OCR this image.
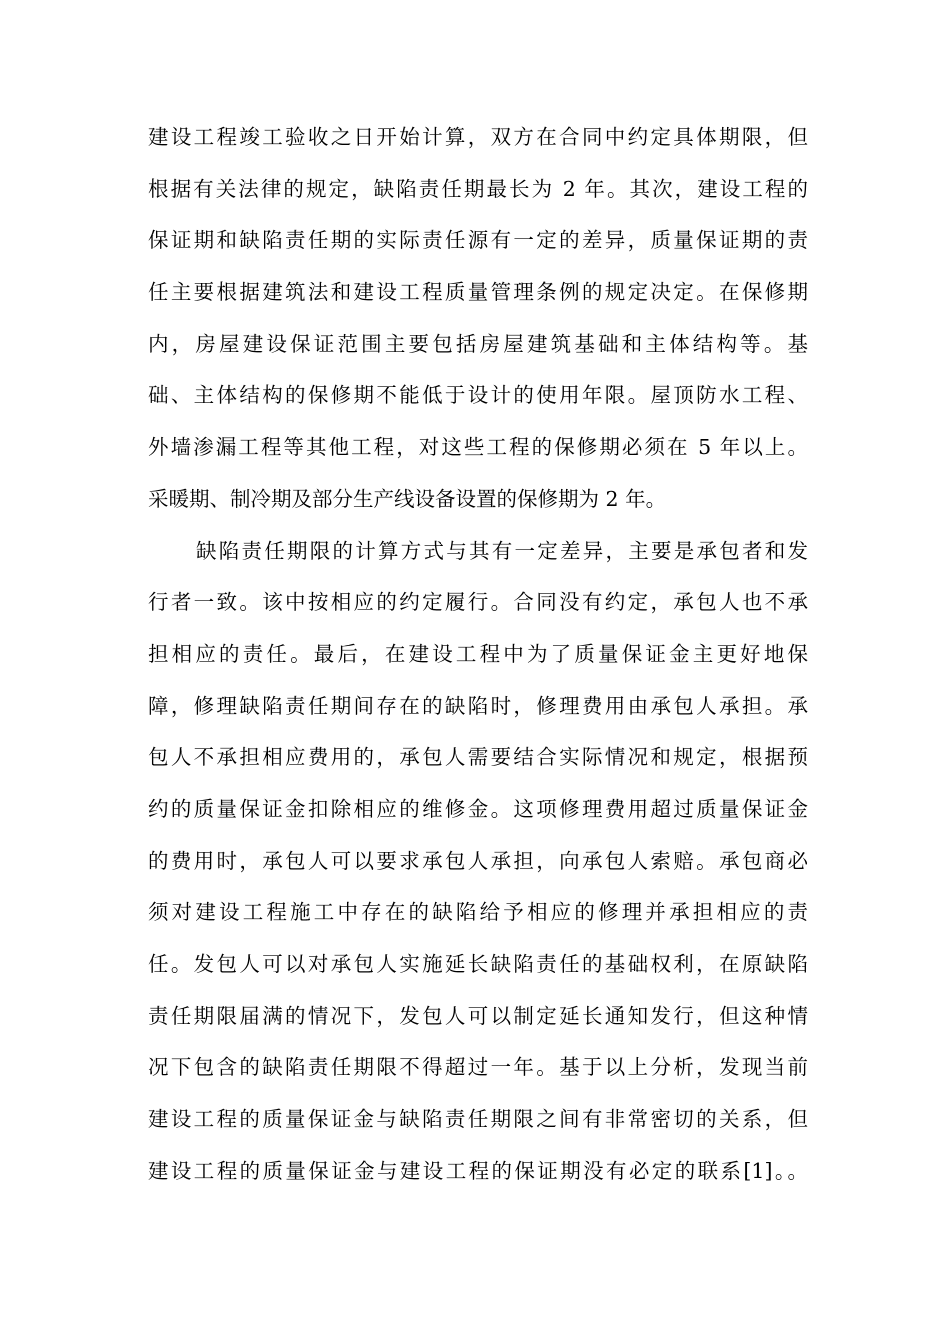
建设工程竣工验收之日开始计算，双方在合同中约定具体期限，但
根据有关法律的规定，缺陷责任期最长为 2 年。其次，建设工程的
保证期和缺陷责任期的实际责任源有一定的差异，质量保证期的责
任主要根据建筑法和建设工程质量管理条例的规定决定。在保修期
内，房屋建设保证范围主要包括房屋建筑基础和主体结构等。基
础、主体结构的保修期不能低于设计的使用年限。屋顶防水工程、
外墙渗漏工程等其他工程，对这些工程的保修期必须在 5 年以上。
采暖期、制冷期及部分生产线设备设置的保修期为 2 年。
缺陷责任期限的计算方式与其有一定差异，主要是承包者和发
行者一致。该中按相应的约定履行。合同没有约定，承包人也不承
担相应的责任。最后，在建设工程中为了质量保证金主更好地保
障，修理缺陷责任期间存在的缺陷时，修理费用由承包人承担。承
包人不承担相应费用的，承包人需要结合实际情况和规定，根据预
约的质量保证金扣除相应的维修金。这项修理费用超过质量保证金
的费用时，承包人可以要求承包人承担，向承包人索赔。承包商必
须对建设工程施工中存在的缺陷给予相应的修理并承担相应的责
任。发包人可以对承包人实施延长缺陷责任的基础权利，在原缺陷
责任期限届满的情况下，发包人可以制定延长通知发行，但这种情
况下包含的缺陷责任期限不得超过一年。基于以上分析，发现当前
建设工程的质量保证金与缺陷责任期限之间有非常密切的关系，但
建设工程的质量保证金与建设工程的保证期没有必定的联系[1]。。
